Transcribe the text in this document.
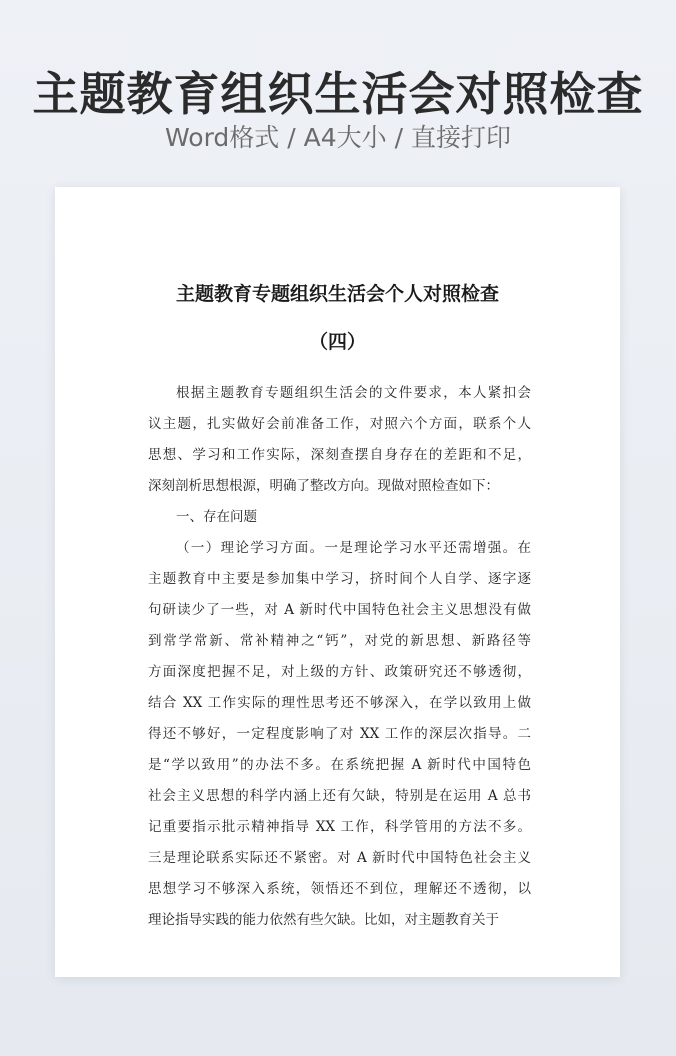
主题教育组织生活会对照检查
Word格式 / A4大小 / 直接打印
主题教育专题组织生活会个人对照检查
（四）
根据主题教育专题组织生活会的文件要求，本人紧扣会
议主题，扎实做好会前准备工作，对照六个方面，联系个人
思想、学习和工作实际，深刻查摆自身存在的差距和不足，
深刻剖析思想根源，明确了整改方向。现做对照检查如下：
一、存在问题
（一）理论学习方面。一是理论学习水平还需增强。在
主题教育中主要是参加集中学习，挤时间个人自学、逐字逐
句研读少了一些，对 A 新时代中国特色社会主义思想没有做
到常学常新、常补精神之“钙”，对党的新思想、新路径等
方面深度把握不足，对上级的方针、政策研究还不够透彻，
结合 XX 工作实际的理性思考还不够深入，在学以致用上做
得还不够好，一定程度影响了对 XX 工作的深层次指导。二
是“学以致用”的办法不多。在系统把握 A 新时代中国特色
社会主义思想的科学内涵上还有欠缺，特别是在运用 A 总书
记重要指示批示精神指导 XX 工作，科学管用的方法不多。
三是理论联系实际还不紧密。对 A 新时代中国特色社会主义
思想学习不够深入系统，领悟还不到位，理解还不透彻，以
理论指导实践的能力依然有些欠缺。比如，对主题教育关于
